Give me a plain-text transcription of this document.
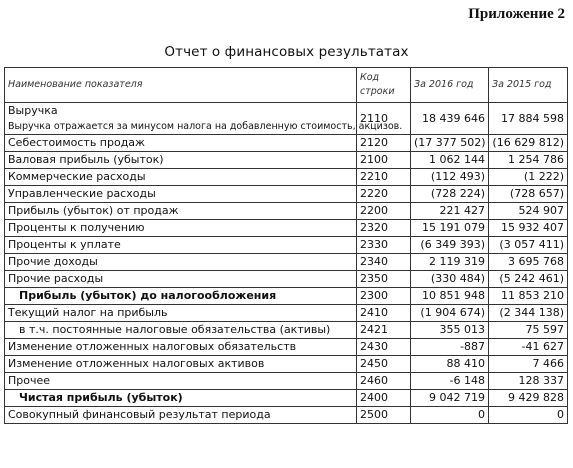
Приложение 2
Отчет о финансовых результатах
Наименование показателя	Код строки	За 2016 год	За 2015 год
Выручка
Выручка отражается за минусом налога на добавленную стоимость, акцизов.	2110	18 439 646	17 884 598
Себестоимость продаж	2120	(17 377 502)	(16 629 812)
Валовая прибыль (убыток)	2100	1 062 144	1 254 786
Коммерческие расходы	2210	(112 493)	(1 222)
Управленческие расходы	2220	(728 224)	(728 657)
Прибыль (убыток) от продаж	2200	221 427	524 907
Проценты к получению	2320	15 191 079	15 932 407
Проценты к уплате	2330	(6 349 393)	(3 057 411)
Прочие доходы	2340	2 119 319	3 695 768
Прочие расходы	2350	(330 484)	(5 242 461)
Прибыль (убыток) до налогообложения	2300	10 851 948	11 853 210
Текущий налог на прибыль	2410	(1 904 674)	(2 344 138)
в т.ч. постоянные налоговые обязательства (активы)	2421	355 013	75 597
Изменение отложенных налоговых обязательств	2430	-887	-41 627
Изменение отложенных налоговых активов	2450	88 410	7 466
Прочее	2460	-6 148	128 337
Чистая прибыль (убыток)	2400	9 042 719	9 429 828
Совокупный финансовый результат периода	2500	0	0
